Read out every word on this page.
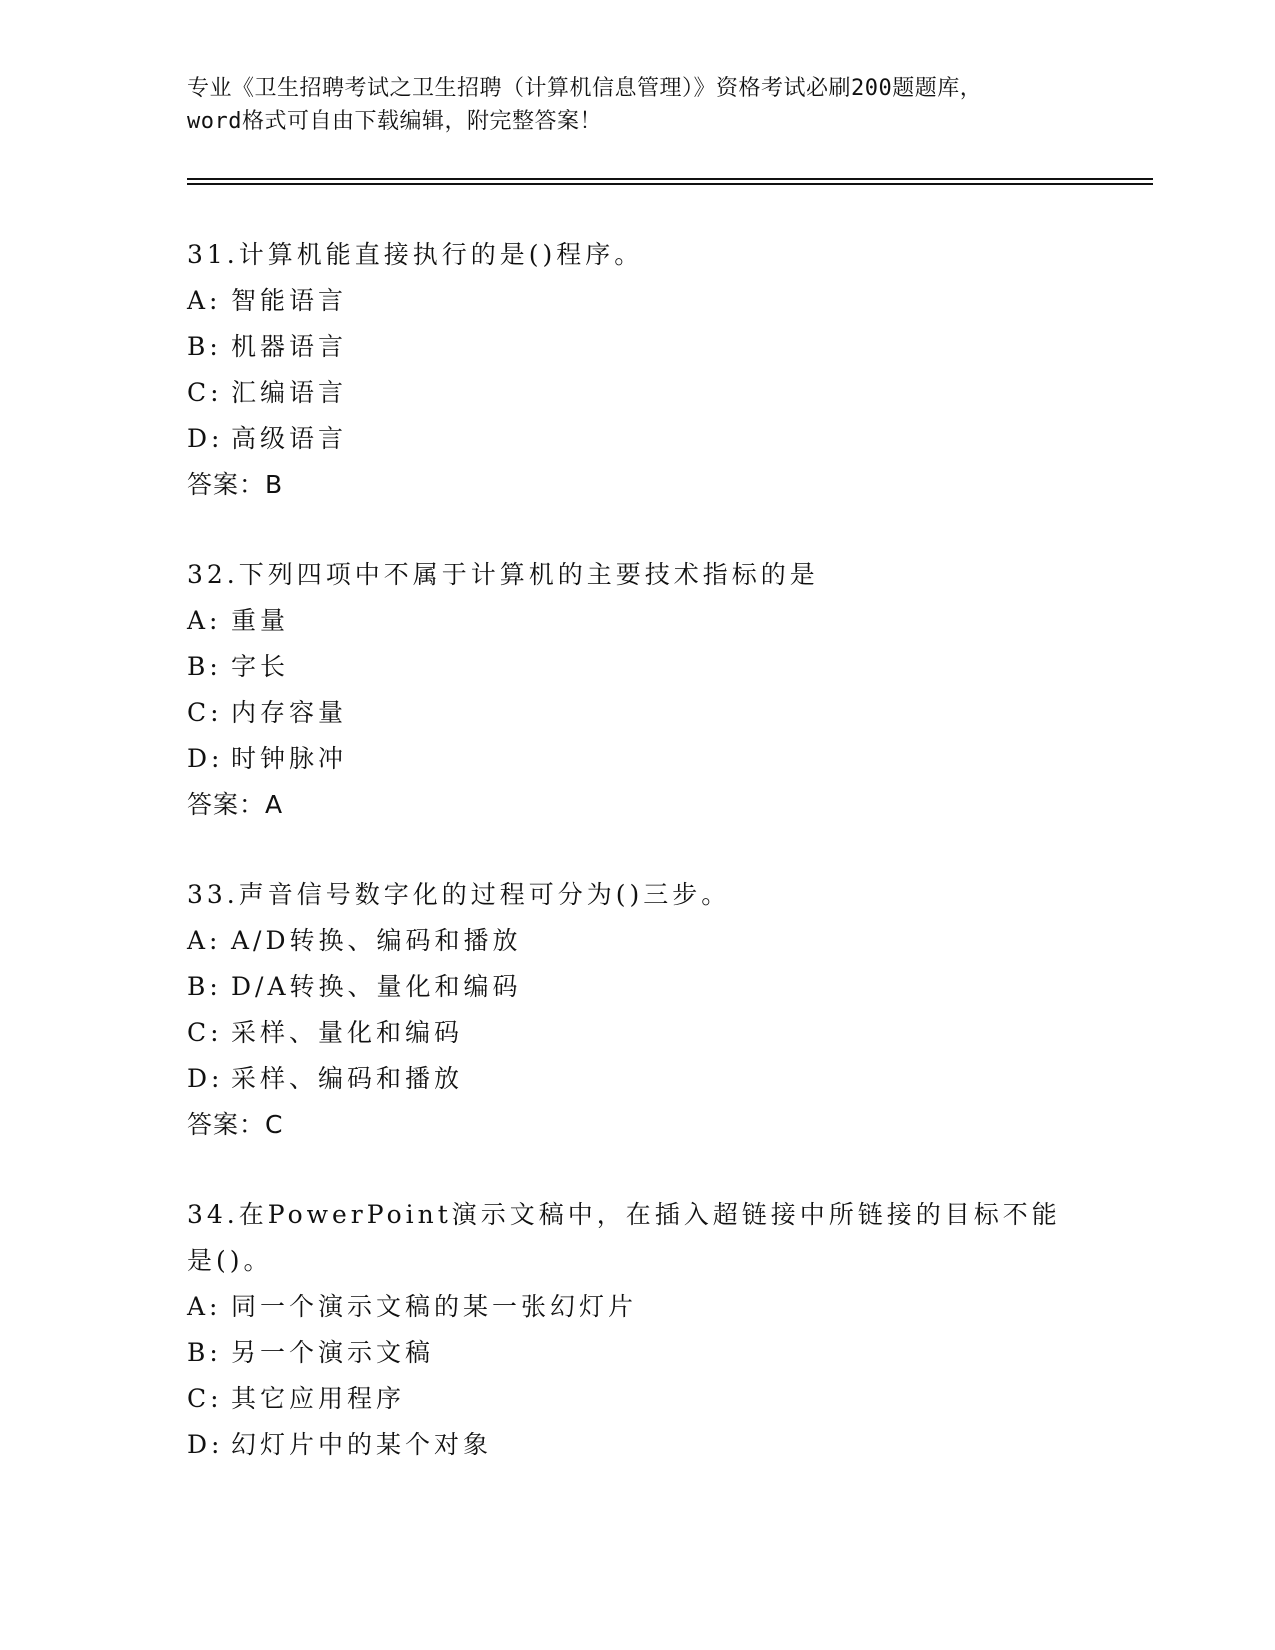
专业《卫生招聘考试之卫生招聘（计算机信息管理）》资格考试必刷200题题库，
word格式可自由下载编辑，附完整答案！
31.计算机能直接执行的是()程序。
A: 智能语言
B: 机器语言
C: 汇编语言
D: 高级语言
答案：B
32.下列四项中不属于计算机的主要技术指标的是
A: 重量
B: 字长
C: 内存容量
D: 时钟脉冲
答案：A
33.声音信号数字化的过程可分为()三步。
A: A/D转换、编码和播放
B: D/A转换、量化和编码
C: 采样、量化和编码
D: 采样、编码和播放
答案：C
34.在PowerPoint演示文稿中，在插入超链接中所链接的目标不能是()。
A: 同一个演示文稿的某一张幻灯片
B: 另一个演示文稿
C: 其它应用程序
D: 幻灯片中的某个对象
